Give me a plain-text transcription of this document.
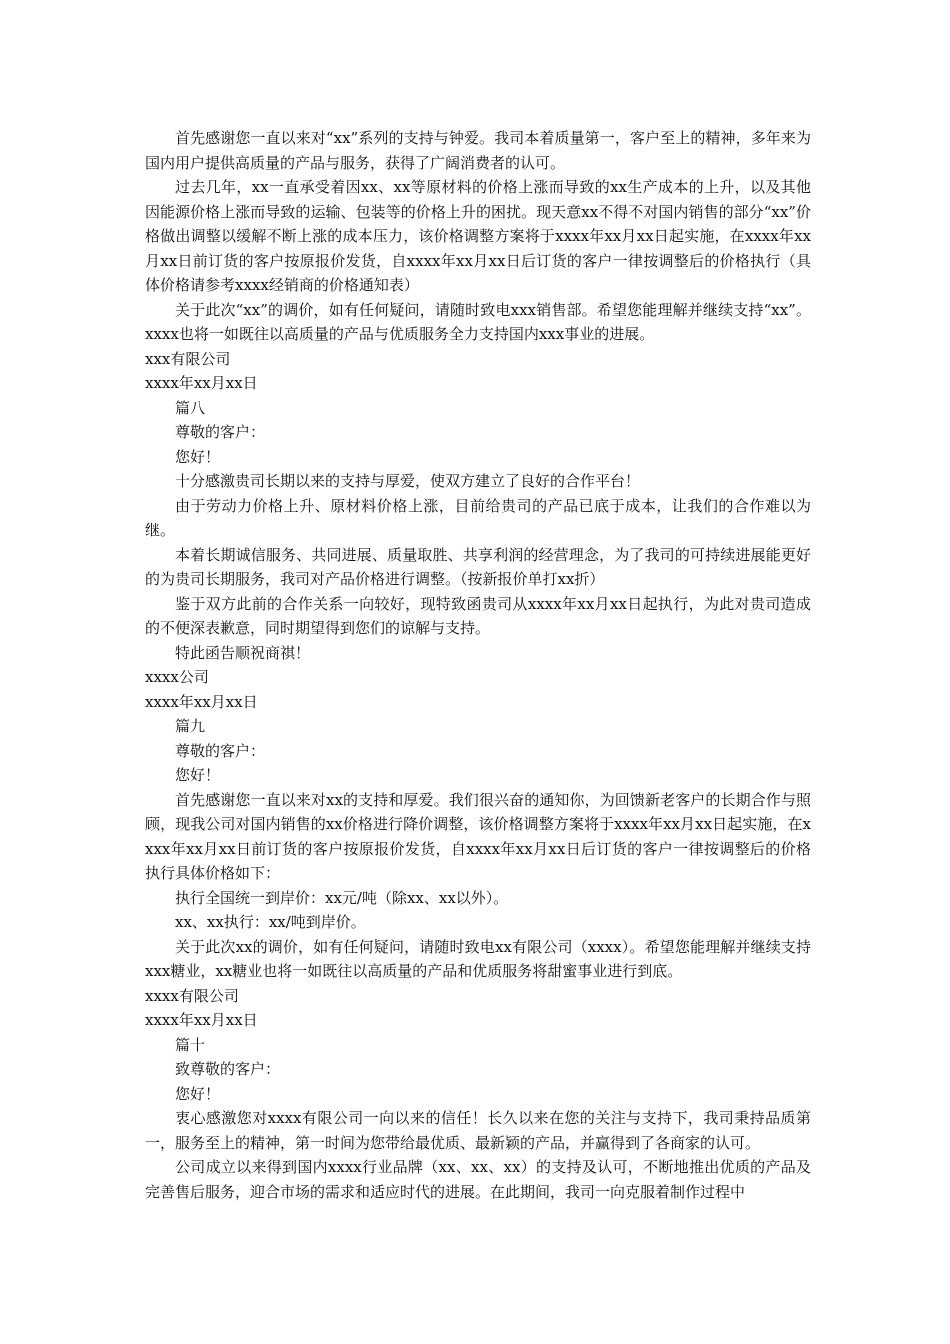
首先感谢您一直以来对“xx”系列的支持与钟爱。我司本着质量第一，客户至上的精神，多年来为国内用户提供高质量的产品与服务，获得了广阔消费者的认可。

过去几年，xx一直承受着因xx、xx等原材料的价格上涨而导致的xx生产成本的上升，以及其他因能源价格上涨而导致的运输、包装等的价格上升的困扰。现天意xx不得不对国内销售的部分“xx”价格做出调整以缓解不断上涨的成本压力，该价格调整方案将于xxxx年xx月xx日起实施，在xxxx年xx月xx日前订货的客户按原报价发货，自xxxx年xx月xx日后订货的客户一律按调整后的价格执行（具体价格请参考xxxx经销商的价格通知表）

关于此次“xx”的调价，如有任何疑问，请随时致电xxx销售部。希望您能理解并继续支持“xx”。xxxx也将一如既往以高质量的产品与优质服务全力支持国内xxx事业的进展。

xxx有限公司

xxxx年xx月xx日

篇八

尊敬的客户：

您好！

十分感激贵司长期以来的支持与厚爱，使双方建立了良好的合作平台！

由于劳动力价格上升、原材料价格上涨，目前给贵司的产品已底于成本，让我们的合作难以为继。

本着长期诚信服务、共同进展、质量取胜、共享利润的经营理念，为了我司的可持续进展能更好的为贵司长期服务，我司对产品价格进行调整。（按新报价单打xx折）

鉴于双方此前的合作关系一向较好，现特致函贵司从xxxx年xx月xx日起执行，为此对贵司造成的不便深表歉意，同时期望得到您们的谅解与支持。

特此函告顺祝商祺！

xxxx公司

xxxx年xx月xx日

篇九

尊敬的客户：

您好！

首先感谢您一直以来对xx的支持和厚爱。我们很兴奋的通知你，为回馈新老客户的长期合作与照顾，现我公司对国内销售的xx价格进行降价调整，该价格调整方案将于xxxx年xx月xx日起实施，在xxxx年xx月xx日前订货的客户按原报价发货，自xxxx年xx月xx日后订货的客户一律按调整后的价格执行具体价格如下：

执行全国统一到岸价：xx元/吨（除xx、xx以外）。

xx、xx执行：xx/吨到岸价。

关于此次xx的调价，如有任何疑问，请随时致电xx有限公司（xxxx）。希望您能理解并继续支持xxx糖业，xx糖业也将一如既往以高质量的产品和优质服务将甜蜜事业进行到底。

xxxx有限公司

xxxx年xx月xx日

篇十

致尊敬的客户：

您好！

衷心感激您对xxxx有限公司一向以来的信任！长久以来在您的关注与支持下，我司秉持品质第一，服务至上的精神，第一时间为您带给最优质、最新颖的产品，并赢得到了各商家的认可。

公司成立以来得到国内xxxx行业品牌（xx、xx、xx）的支持及认可，不断地推出优质的产品及完善售后服务，迎合市场的需求和适应时代的进展。在此期间，我司一向克服着制作过程中
